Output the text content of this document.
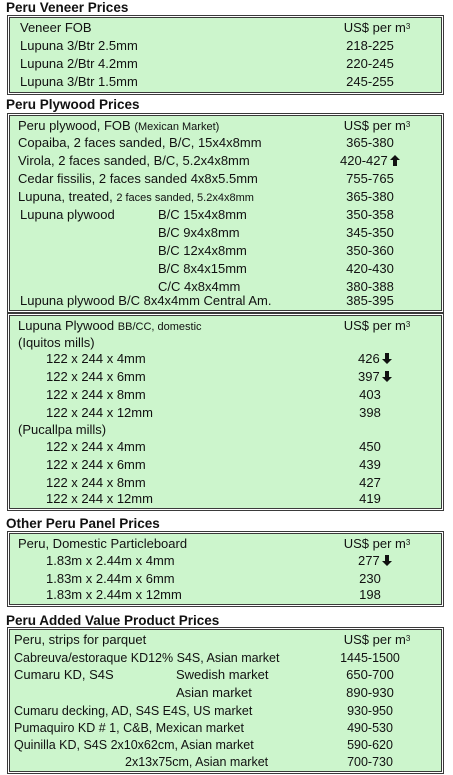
Peru Veneer Prices
Veneer FOB	US$ per $m^3$
Lupuna 3/Btr 2.5mm	218-225
Lupuna 2/Btr 4.2mm	220-245
Lupuna 3/Btr 1.5mm	245-255
Peru Plywood Prices
Peru plywood, FOB (Mexican Market)	US$ per $m^3$
Copaiba, 2 faces sanded, B/C, 15x4x8mm	365-380
Virola, 2 faces sanded, B/C, 5.2x4x8mm	420-427
Cedar fissilis, 2 faces sanded 4x8x5.5mm	755-765
Lupuna, treated, 2 faces sanded, 5.2x4x8mm	365-380
Lupuna plywood	B/C 15x4x8mm	350-358
B/C 9x4x8mm	345-350
B/C 12x4x8mm	350-360
B/C 8x4x15mm	420-430
C/C 4x8x4mm	380-388
Lupuna plywood B/C 8x4x4mm Central Am.	385-395
Lupuna Plywood BB/CC, domestic	US$ per $m^3$
(Iquitos mills)
122 x 244 x 4mm	426
122 x 244 x 6mm	397
122 x 244 x 8mm	403
122 x 244 x 12mm	398
(Pucallpa mills)
122 x 244 x 4mm	450
122 x 244 x 6mm	439
122 x 244 x 8mm	427
122 x 244 x 12mm	419
Other Peru Panel Prices
Peru, Domestic Particleboard	US$ per $m^3$
1.83m x 2.44m x 4mm	277
1.83m x 2.44m x 6mm	230
1.83m x 2.44m x 12mm	198
Peru Added Value Product Prices
Peru, strips for parquet	US$ per $m^3$
Cabreuva/estoraque KD12% S4S, Asian market	1445-1500
Cumaru KD, S4S	Swedish market	650-700
Asian market	890-930
Cumaru decking, AD, S4S E4S, US market	930-950
Pumaquiro KD # 1, C&B, Mexican market	490-530
Quinilla KD, S4S 2x10x62cm, Asian market	590-620
2x13x75cm, Asian market	700-730
